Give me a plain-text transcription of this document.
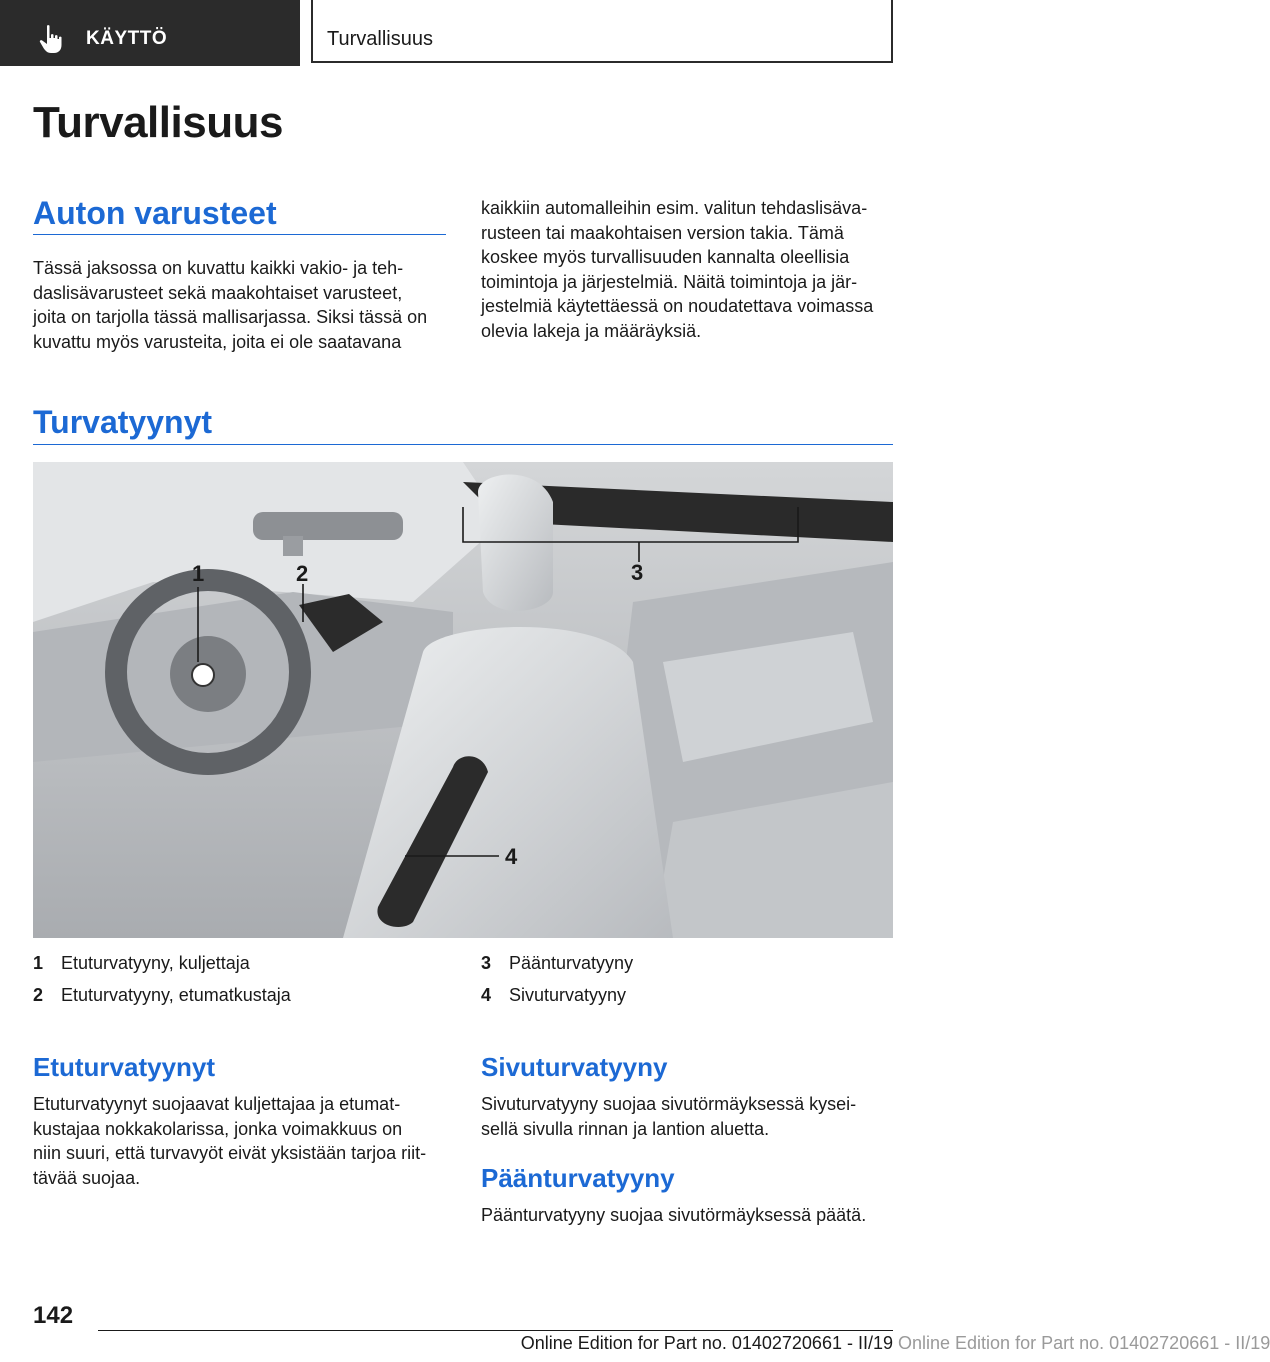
KÄYTTÖ	Turvallisuus
Turvallisuus
Auton varusteet
Tässä jaksossa on kuvattu kaikki vakio- ja teh-
daslisävarusteet sekä maakohtaiset varusteet,
joita on tarjolla tässä mallisarjassa. Siksi tässä on
kuvattu myös varusteita, joita ei ole saatavana
kaikkiin automalleihin esim. valitun tehdaslisäva-
rusteen tai maakohtaisen version takia. Tämä
koskee myös turvallisuuden kannalta oleellisia
toimintoja ja järjestelmiä. Näitä toimintoja ja jär-
jestelmiä käytettäessä on noudatettava voimassa
olevia lakeja ja määräyksiä.
Turvatyynyt
1	2	3
4
1 Etuturvatyyny, kuljettaja
2 Etuturvatyyny, etumatkustaja
3 Päänturvatyyny
4 Sivuturvatyyny
Etuturvatyynyt
Etuturvatyynyt suojaavat kuljettajaa ja etumat-
kustajaa nokkakolarissa, jonka voimakkuus on
niin suuri, että turvavyöt eivät yksistään tarjoa riit-
tävää suojaa.
Sivuturvatyyny
Sivuturvatyyny suojaa sivutörmäyksessä kysei-
sellä sivulla rinnan ja lantion aluetta.
Päänturvatyyny
Päänturvatyyny suojaa sivutörmäyksessä päätä.
142
Online Edition for Part no. 01402720661 - II/19 Online Edition for Part no. 01402720661 - II/19
